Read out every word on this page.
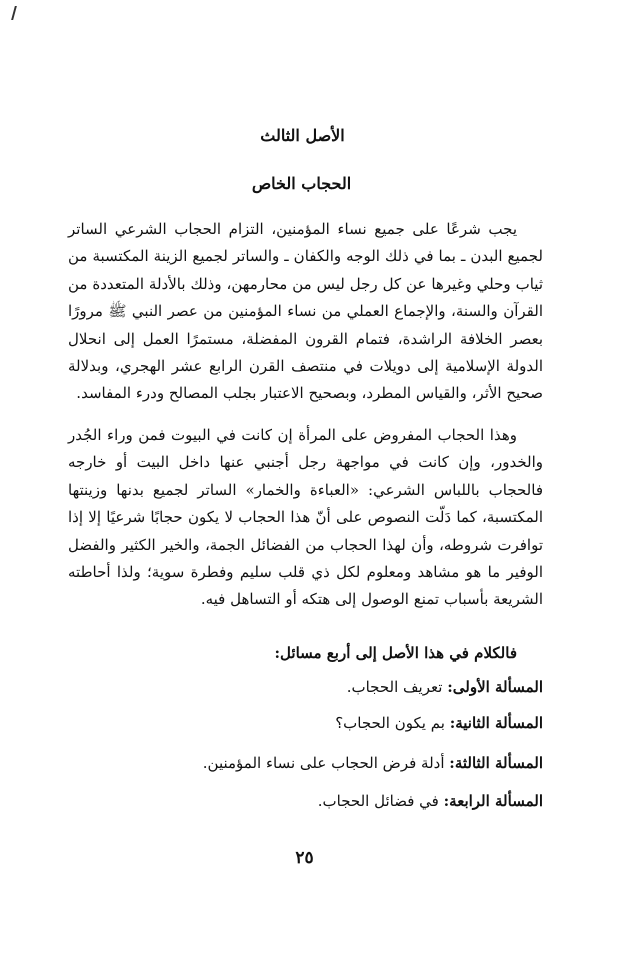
الأصل الثالث
الحجاب الخاص

يجب شرعًا على جميع نساء المؤمنين، التزام الحجاب الشرعي الساتر لجميع البدن ـ بما في ذلك الوجه والكفان ـ والساتر لجميع الزينة المكتسبة من ثياب وحلي وغيرها عن كل رجل ليس من محارمهن، وذلك بالأدلة المتعددة من القرآن والسنة، والإجماع العملي من نساء المؤمنين من عصر النبي ﷺ مرورًا بعصر الخلافة الراشدة، فتمام القرون المفضلة، مستمرًا العمل إلى انحلال الدولة الإسلامية إلى دويلات في منتصف القرن الرابع عشر الهجري، وبدلالة صحيح الأثر، والقياس المطرد، وبصحيح الاعتبار بجلب المصالح ودرء المفاسد.

وهذا الحجاب المفروض على المرأة إن كانت في البيوت فمن وراء الجُدر والخدور، وإن كانت في مواجهة رجل أجنبي عنها داخل البيت أو خارجه فالحجاب باللباس الشرعي: «العباءة والخمار» الساتر لجميع بدنها وزينتها المكتسبة، كما دَلّت النصوص على أنّ هذا الحجاب لا يكون حجابًا شرعيًا إلا إذا توافرت شروطه، وأن لهذا الحجاب من الفضائل الجمة، والخير الكثير والفضل الوفير ما هو مشاهد ومعلوم لكل ذي قلب سليم وفطرة سوية؛ ولذا أحاطته الشريعة بأسباب تمنع الوصول إلى هتكه أو التساهل فيه.

فالكلام في هذا الأصل إلى أربع مسائل:

المسألة الأولى: تعريف الحجاب.

المسألة الثانية: بم يكون الحجاب؟

المسألة الثالثة: أدلة فرض الحجاب على نساء المؤمنين.

المسألة الرابعة: في فضائل الحجاب.

٢٥
